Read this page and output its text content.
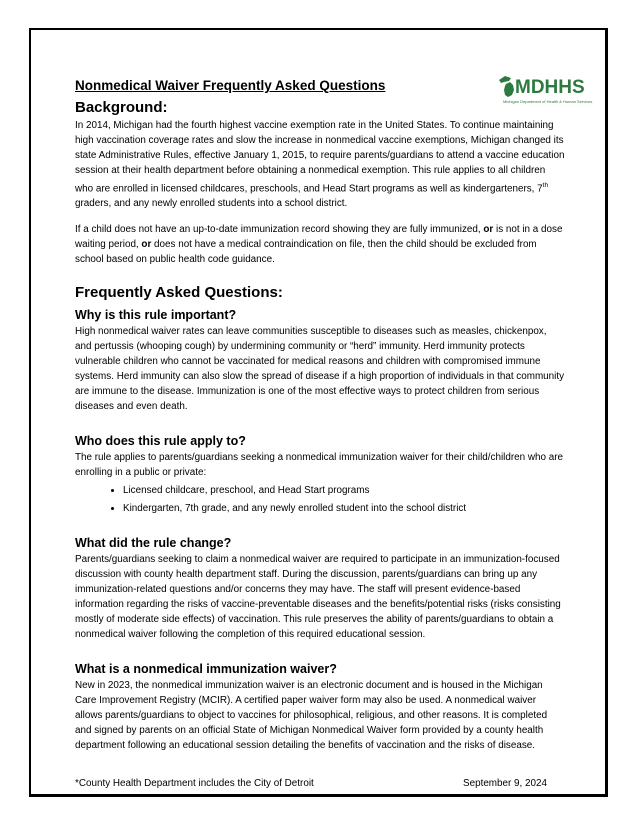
MDHHS
Michigan Department of Health & Human Services
Nonmedical Waiver Frequently Asked Questions
Background:

In 2014, Michigan had the fourth highest vaccine exemption rate in the United States. To continue maintaining high vaccination coverage rates and slow the increase in nonmedical vaccine exemptions, Michigan changed its state Administrative Rules, effective January 1, 2015, to require parents/guardians to attend a vaccine education session at their health department before obtaining a nonmedical exemption. This rule applies to all children who are enrolled in licensed childcares, preschools, and Head Start programs as well as kindergarteners, 7th graders, and any newly enrolled students into a school district.

If a child does not have an up-to-date immunization record showing they are fully immunized, or is not in a dose waiting period, or does not have a medical contraindication on file, then the child should be excluded from school based on public health code guidance.

Frequently Asked Questions:
Why is this rule important?

High nonmedical waiver rates can leave communities susceptible to diseases such as measles, chickenpox, and pertussis (whooping cough) by undermining community or “herd” immunity. Herd immunity protects vulnerable children who cannot be vaccinated for medical reasons and children with compromised immune systems. Herd immunity can also slow the spread of disease if a high proportion of individuals in that community are immune to the disease. Immunization is one of the most effective ways to protect children from serious diseases and even death.

Who does this rule apply to?

The rule applies to parents/guardians seeking a nonmedical immunization waiver for their child/children who are enrolling in a public or private:

• Licensed childcare, preschool, and Head Start programs
• Kindergarten, 7th grade, and any newly enrolled student into the school district
What did the rule change?

Parents/guardians seeking to claim a nonmedical waiver are required to participate in an immunization-focused discussion with county health department staff. During the discussion, parents/guardians can bring up any immunization-related questions and/or concerns they may have. The staff will present evidence-based information regarding the risks of vaccine-preventable diseases and the benefits/potential risks (risks consisting mostly of moderate side effects) of vaccination. This rule preserves the ability of parents/guardians to obtain a nonmedical waiver following the completion of this required educational session.

What is a nonmedical immunization waiver?

New in 2023, the nonmedical immunization waiver is an electronic document and is housed in the Michigan Care Improvement Registry (MCIR). A certified paper waiver form may also be used. A nonmedical waiver allows parents/guardians to object to vaccines for philosophical, religious, and other reasons. It is completed and signed by parents on an official State of Michigan Nonmedical Waiver form provided by a county health department following an educational session detailing the benefits of vaccination and the risks of disease.

*County Health Department includes the City of Detroit	September 9, 2024
